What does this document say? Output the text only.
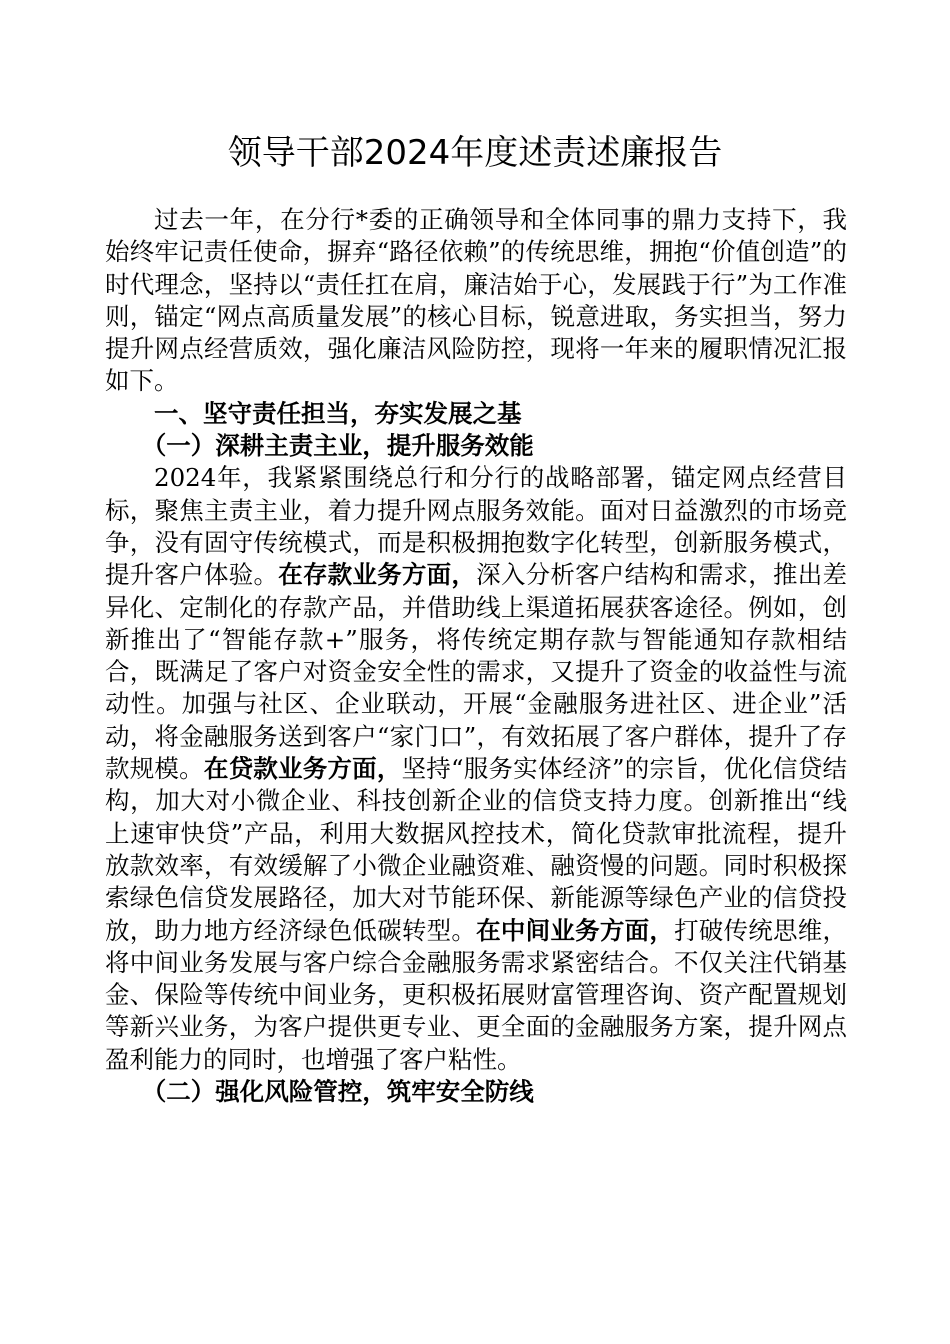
领导干部2024年度述责述廉报告

过去一年，在分行*委的正确领导和全体同事的鼎力支持下，我始终牢记责任使命，摒弃“路径依赖”的传统思维，拥抱“价值创造”的时代理念，坚持以“责任扛在肩，廉洁始于心，发展践于行”为工作准则，锚定“网点高质量发展”的核心目标，锐意进取，务实担当，努力提升网点经营质效，强化廉洁风险防控，现将一年来的履职情况汇报如下。

一、坚守责任担当，夯实发展之基

（一）深耕主责主业，提升服务效能

2024年，我紧紧围绕总行和分行的战略部署，锚定网点经营目标，聚焦主责主业，着力提升网点服务效能。面对日益激烈的市场竞争，没有固守传统模式，而是积极拥抱数字化转型，创新服务模式，提升客户体验。在存款业务方面，深入分析客户结构和需求，推出差异化、定制化的存款产品，并借助线上渠道拓展获客途径。例如，创新推出了“智能存款+”服务，将传统定期存款与智能通知存款相结合，既满足了客户对资金安全性的需求，又提升了资金的收益性与流动性。加强与社区、企业联动，开展“金融服务进社区、进企业”活动，将金融服务送到客户“家门口”，有效拓展了客户群体，提升了存款规模。在贷款业务方面，坚持“服务实体经济”的宗旨，优化信贷结构，加大对小微企业、科技创新企业的信贷支持力度。创新推出“线上速审快贷”产品，利用大数据风控技术，简化贷款审批流程，提升放款效率，有效缓解了小微企业融资难、融资慢的问题。同时积极探索绿色信贷发展路径，加大对节能环保、新能源等绿色产业的信贷投放，助力地方经济绿色低碳转型。在中间业务方面，打破传统思维，将中间业务发展与客户综合金融服务需求紧密结合。不仅关注代销基金、保险等传统中间业务，更积极拓展财富管理咨询、资产配置规划等新兴业务，为客户提供更专业、更全面的金融服务方案，提升网点盈利能力的同时，也增强了客户粘性。

（二）强化风险管控，筑牢安全防线
